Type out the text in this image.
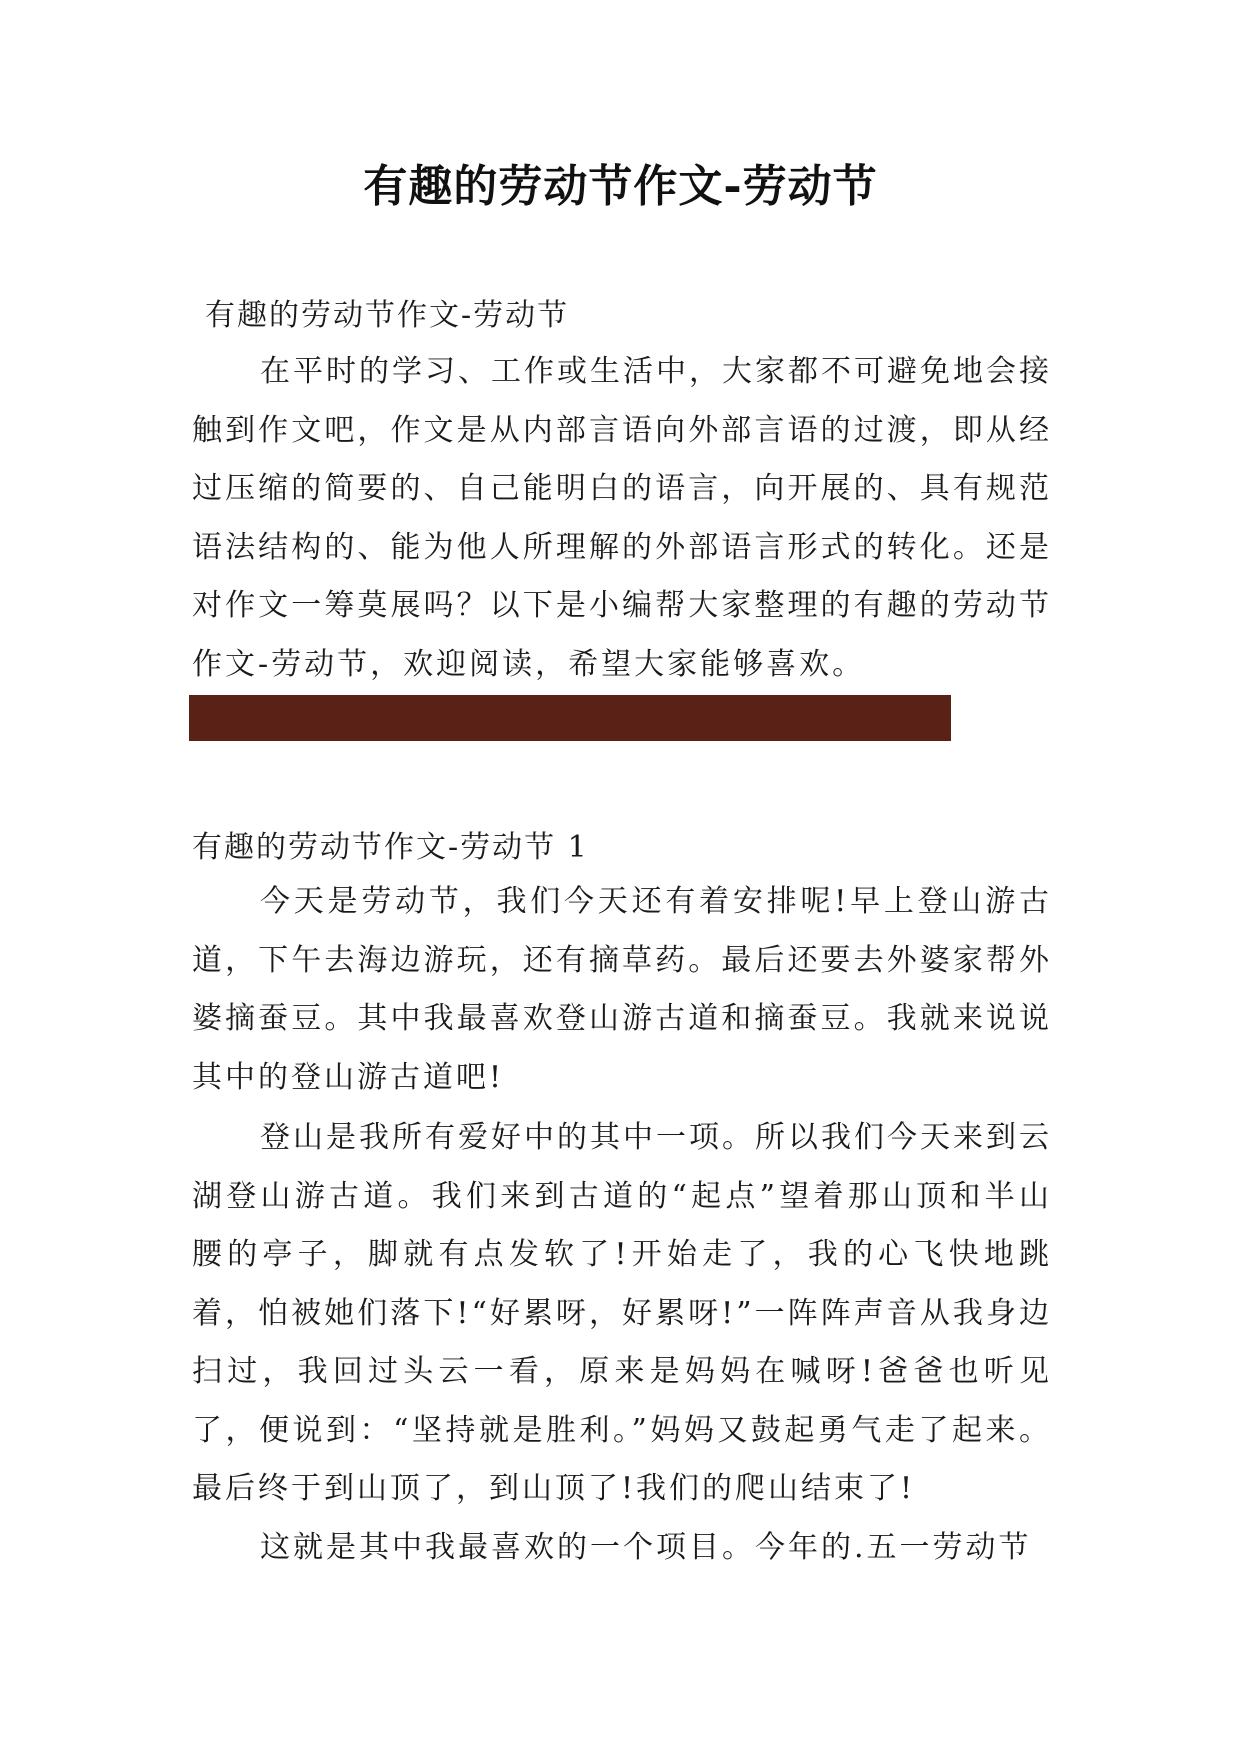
有趣的劳动节作文-劳动节
有趣的劳动节作文-劳动节

在平时的学习、工作或生活中，大家都不可避免地会接触到作文吧，作文是从内部言语向外部言语的过渡，即从经过压缩的简要的、自己能明白的语言，向开展的、具有规范语法结构的、能为他人所理解的外部语言形式的转化。还是对作文一筹莫展吗？以下是小编帮大家整理的有趣的劳动节作文-劳动节，欢迎阅读，希望大家能够喜欢。

有趣的劳动节作文-劳动节 1

今天是劳动节，我们今天还有着安排呢!早上登山游古道，下午去海边游玩，还有摘草药。最后还要去外婆家帮外婆摘蚕豆。其中我最喜欢登山游古道和摘蚕豆。我就来说说其中的登山游古道吧!

登山是我所有爱好中的其中一项。所以我们今天来到云湖登山游古道。我们来到古道的“起点”望着那山顶和半山腰的亭子，脚就有点发软了!开始走了，我的心飞快地跳着，怕被她们落下!“好累呀，好累呀!”一阵阵声音从我身边扫过，我回过头云一看，原来是妈妈在喊呀!爸爸也听见了，便说到：“坚持就是胜利。”妈妈又鼓起勇气走了起来。最后终于到山顶了，到山顶了!我们的爬山结束了!

这就是其中我最喜欢的一个项目。今年的.五一劳动节
